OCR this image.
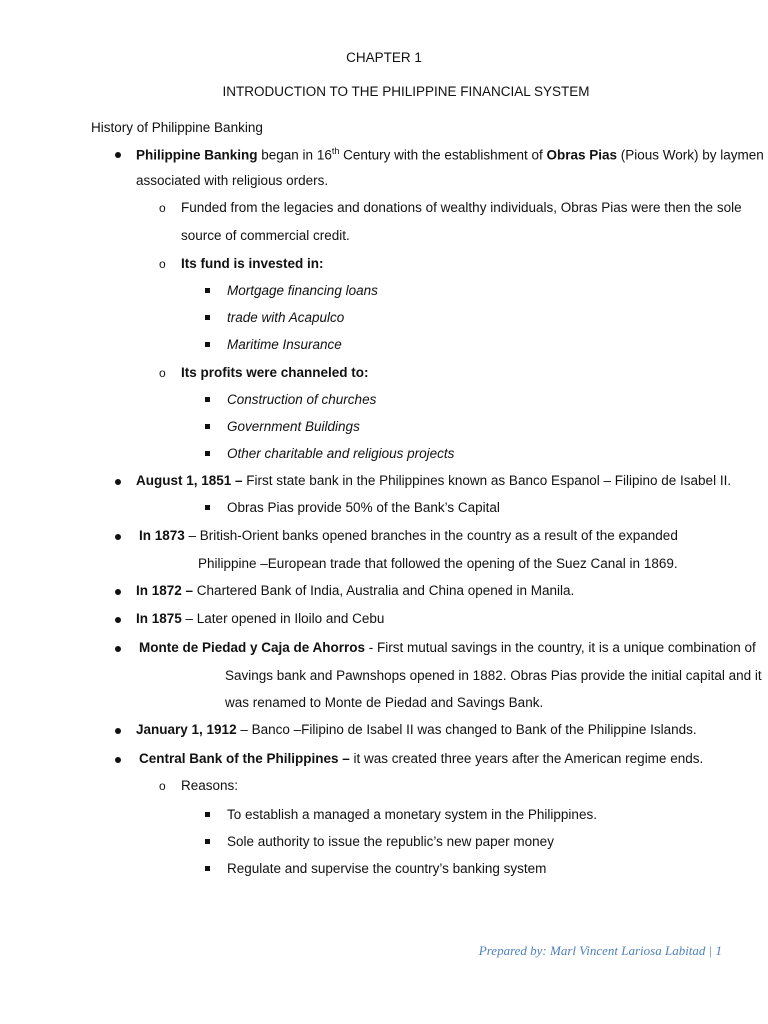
CHAPTER 1
INTRODUCTION TO THE PHILIPPINE FINANCIAL SYSTEM
History of Philippine Banking
Philippine Banking began in 16th Century with the establishment of Obras Pias (Pious Work) by laymen
associated with religious orders.
o Funded from the legacies and donations of wealthy individuals, Obras Pias were then the sole
source of commercial credit.
o Its fund is invested in:
Mortgage financing loans
trade with Acapulco
Maritime Insurance
o Its profits were channeled to:
Construction of churches
Government Buildings
Other charitable and religious projects
August 1, 1851 – First state bank in the Philippines known as Banco Espanol – Filipino de Isabel II.
Obras Pias provide 50% of the Bank’s Capital
In 1873 – British-Orient banks opened branches in the country as a result of the expanded
Philippine –European trade that followed the opening of the Suez Canal in 1869.
In 1872 – Chartered Bank of India, Australia and China opened in Manila.
In 1875 – Later opened in Iloilo and Cebu
Monte de Piedad y Caja de Ahorros - First mutual savings in the country, it is a unique combination of
Savings bank and Pawnshops opened in 1882. Obras Pias provide the initial capital and it
was renamed to Monte de Piedad and Savings Bank.
January 1, 1912 – Banco –Filipino de Isabel II was changed to Bank of the Philippine Islands.
Central Bank of the Philippines – it was created three years after the American regime ends.
o Reasons:
To establish a managed a monetary system in the Philippines.
Sole authority to issue the republic’s new paper money
Regulate and supervise the country’s banking system
Prepared by: Marl Vincent Lariosa Labitad | 1
